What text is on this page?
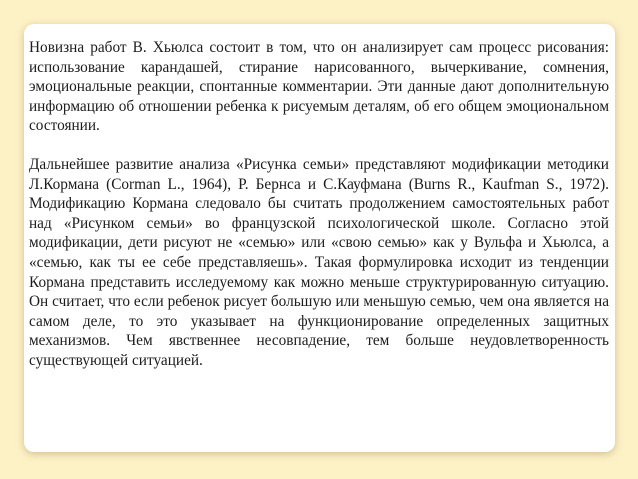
Новизна работ В. Хьюлса состоит в том, что он анализирует сам процесс рисования: использование карандашей, стирание нарисованного, вычеркивание, сомнения, эмоциональные реакции, спонтанные комментарии. Эти данные дают дополнительную информацию об отношении ребенка к рисуемым деталям, об его общем эмоциональном состоянии.

Дальнейшее развитие анализа «Рисунка семьи» представляют модификации методики Л.Кормана (Corman L., 1964), Р. Бернса и С.Кауфмана (Burns R., Kaufman S., 1972). Модификацию Кормана следовало бы считать продолжением самостоятельных работ над «Рисунком семьи» во французской психологической школе. Согласно этой модификации, дети рисуют не «семью» или «свою семью» как у Вульфа и Хьюлса, а «семью, как ты ее себе представляешь». Такая формулировка исходит из тенденции Кормана представить исследуемому как можно меньше структурированную ситуацию. Он считает, что если ребенок рисует большую или меньшую семью, чем она является на самом деле, то это указывает на функционирование определенных защитных механизмов. Чем явственнее несовпадение, тем больше неудовлетворенность существующей ситуацией.
